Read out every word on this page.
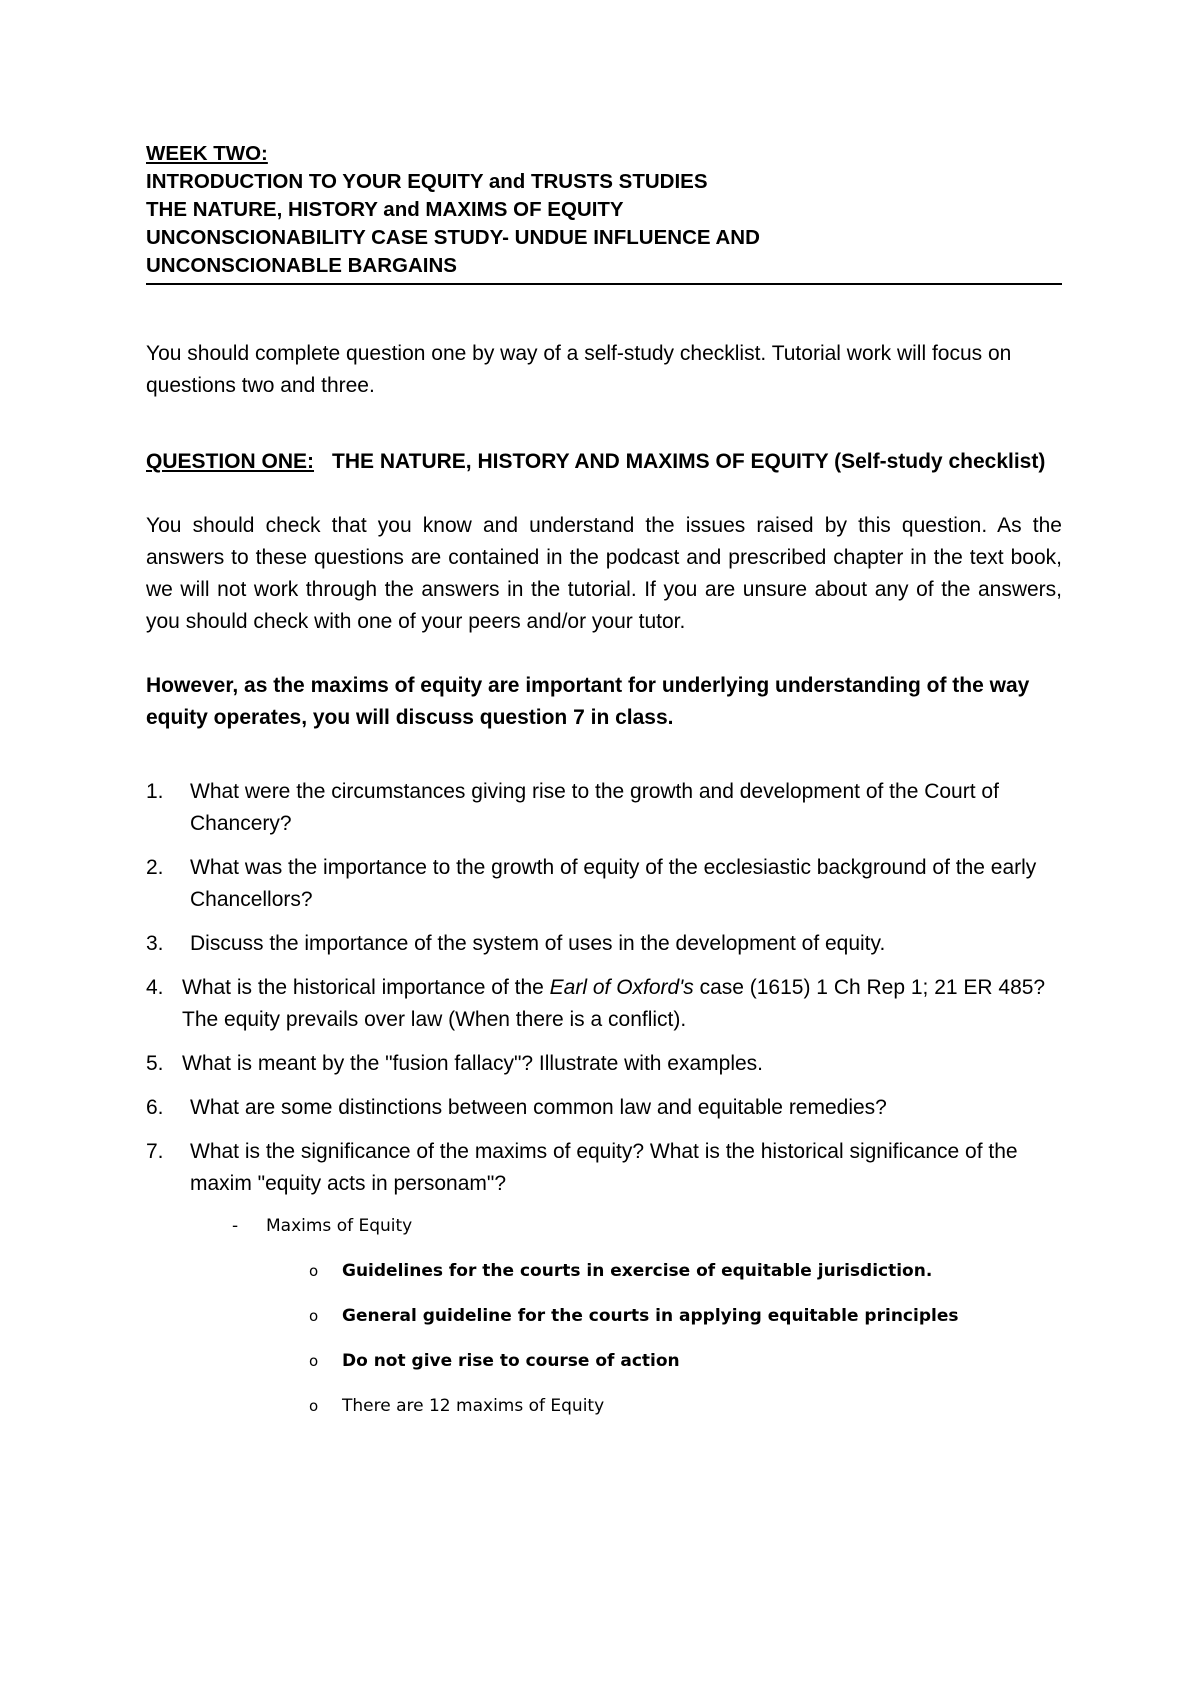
WEEK TWO:
INTRODUCTION TO YOUR EQUITY and TRUSTS STUDIES
THE NATURE, HISTORY and MAXIMS OF EQUITY
UNCONSCIONABILITY CASE STUDY- UNDUE INFLUENCE AND
UNCONSCIONABLE BARGAINS

You should complete question one by way of a self-study checklist. Tutorial work will focus on questions two and three.

QUESTION ONE: THE NATURE, HISTORY AND MAXIMS OF EQUITY (Self-study checklist)

You should check that you know and understand the issues raised by this question. As the answers to these questions are contained in the podcast and prescribed chapter in the text book, we will not work through the answers in the tutorial. If you are unsure about any of the answers, you should check with one of your peers and/or your tutor.

However, as the maxims of equity are important for underlying understanding of the way equity operates, you will discuss question 7 in class.
1.	What were the circumstances giving rise to the growth and development of the Court of Chancery?
2.	What was the importance to the growth of equity of the ecclesiastic background of the early Chancellors?
3.	Discuss the importance of the system of uses in the development of equity.
4. What is the historical importance of the Earl of Oxford's case (1615) 1 Ch Rep 1; 21 ER 485? The equity prevails over law (When there is a conflict).
5. What is meant by the "fusion fallacy"? Illustrate with examples.
6.	What are some distinctions between common law and equitable remedies?
7.	What is the significance of the maxims of equity? What is the historical significance of the maxim "equity acts in personam"?
-	Maxims of Equity
o	Guidelines for the courts in exercise of equitable jurisdiction.
o	General guideline for the courts in applying equitable principles
o	Do not give rise to course of action
o	There are 12 maxims of Equity
